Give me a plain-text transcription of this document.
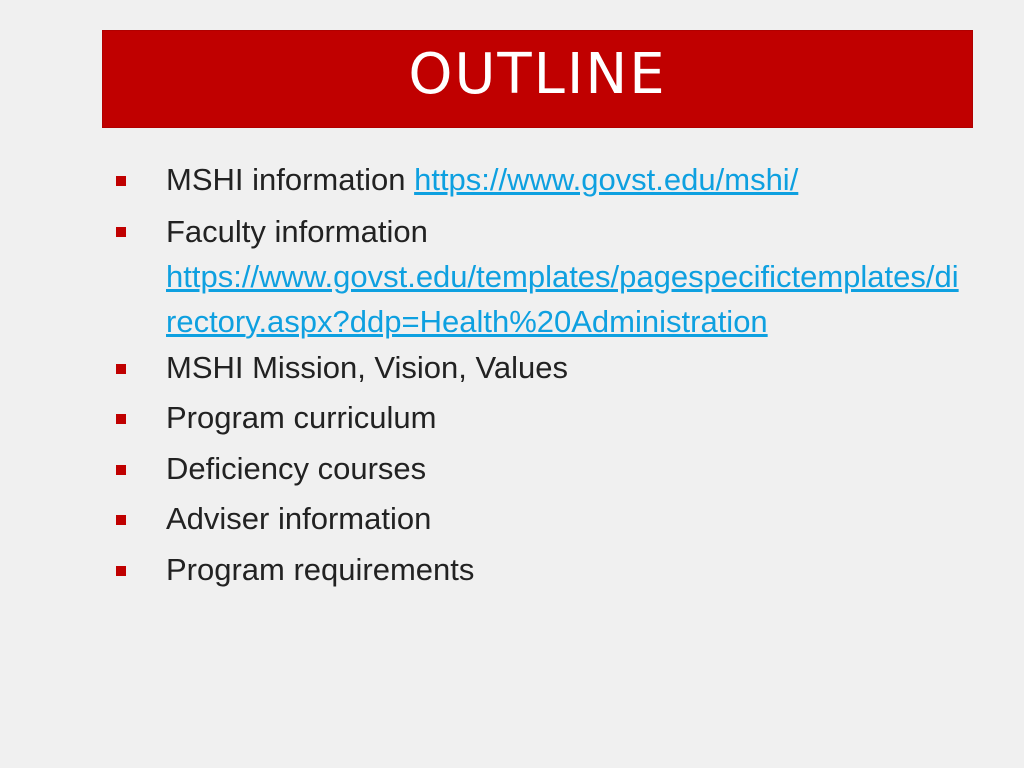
OUTLINE
MSHI information https://www.govst.edu/mshi/
Faculty information
https://www.govst.edu/templates/pagespecifictemplates/directory.aspx?ddp=Health%20Administration
MSHI Mission, Vision, Values
Program curriculum
Deficiency courses
Adviser information
Program requirements
